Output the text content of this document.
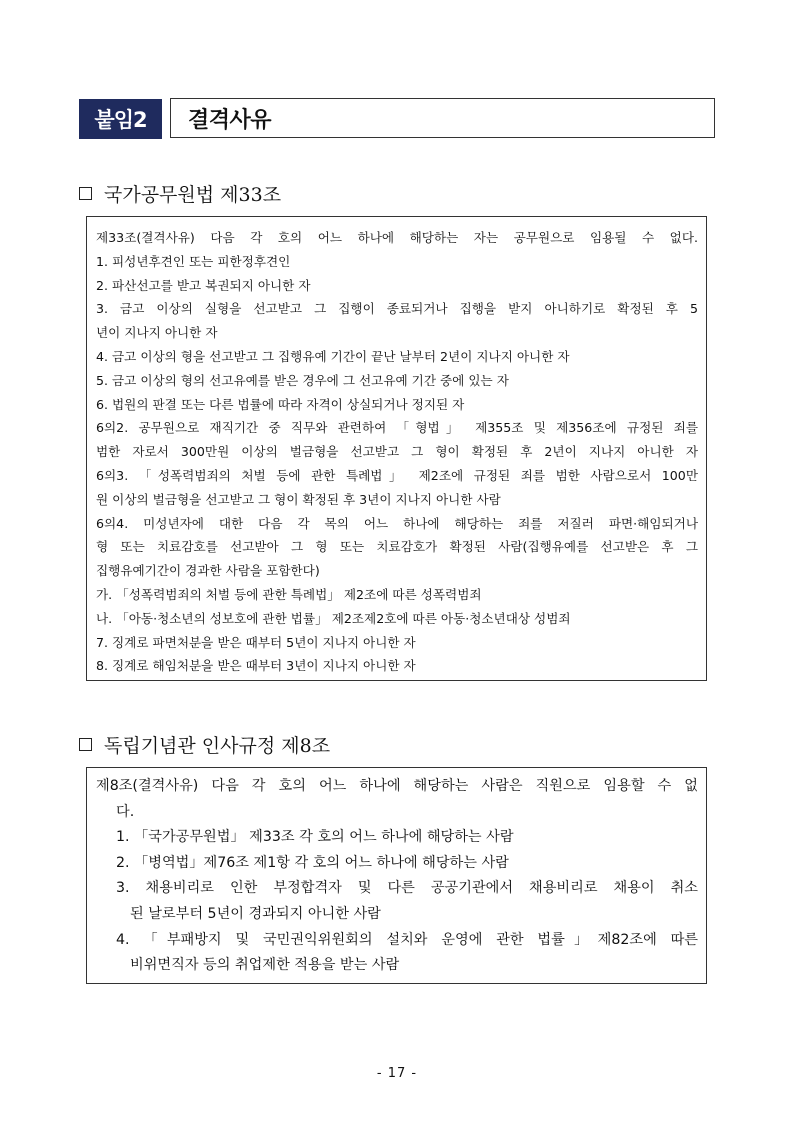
붙임2	결격사유
국가공무원법 제33조
제33조(결격사유) 다음 각 호의 어느 하나에 해당하는 자는 공무원으로 임용될 수 없다.
1. 피성년후견인 또는 피한정후견인
2. 파산선고를 받고 복권되지 아니한 자
3. 금고 이상의 실형을 선고받고 그 집행이 종료되거나 집행을 받지 아니하기로 확정된 후 5
년이 지나지 아니한 자
4. 금고 이상의 형을 선고받고 그 집행유예 기간이 끝난 날부터 2년이 지나지 아니한 자
5. 금고 이상의 형의 선고유예를 받은 경우에 그 선고유예 기간 중에 있는 자
6. 법원의 판결 또는 다른 법률에 따라 자격이 상실되거나 정지된 자
6의2. 공무원으로 재직기간 중 직무와 관련하여 「형법」 제355조 및 제356조에 규정된 죄를
범한 자로서 300만원 이상의 벌금형을 선고받고 그 형이 확정된 후 2년이 지나지 아니한 자
6의3. 「성폭력범죄의 처벌 등에 관한 특례법」 제2조에 규정된 죄를 범한 사람으로서 100만
원 이상의 벌금형을 선고받고 그 형이 확정된 후 3년이 지나지 아니한 사람
6의4. 미성년자에 대한 다음 각 목의 어느 하나에 해당하는 죄를 저질러 파면·해임되거나
형 또는 치료감호를 선고받아 그 형 또는 치료감호가 확정된 사람(집행유예를 선고받은 후 그
집행유예기간이 경과한 사람을 포함한다)
가. 「성폭력범죄의 처벌 등에 관한 특례법」 제2조에 따른 성폭력범죄
나. 「아동·청소년의 성보호에 관한 법률」 제2조제2호에 따른 아동·청소년대상 성범죄
7. 징계로 파면처분을 받은 때부터 5년이 지나지 아니한 자
8. 징계로 해임처분을 받은 때부터 3년이 지나지 아니한 자
독립기념관 인사규정 제8조
제8조(결격사유) 다음 각 호의 어느 하나에 해당하는 사람은 직원으로 임용할 수 없
다.
1. 「국가공무원법」 제33조 각 호의 어느 하나에 해당하는 사람
2. 「병역법」제76조 제1항 각 호의 어느 하나에 해당하는 사람
3. 채용비리로 인한 부정합격자 및 다른 공공기관에서 채용비리로 채용이 취소
된 날로부터 5년이 경과되지 아니한 사람
4. 「부패방지 및 국민권익위원회의 설치와 운영에 관한 법률」제82조에 따른
비위면직자 등의 취업제한 적용을 받는 사람
- 17 -
